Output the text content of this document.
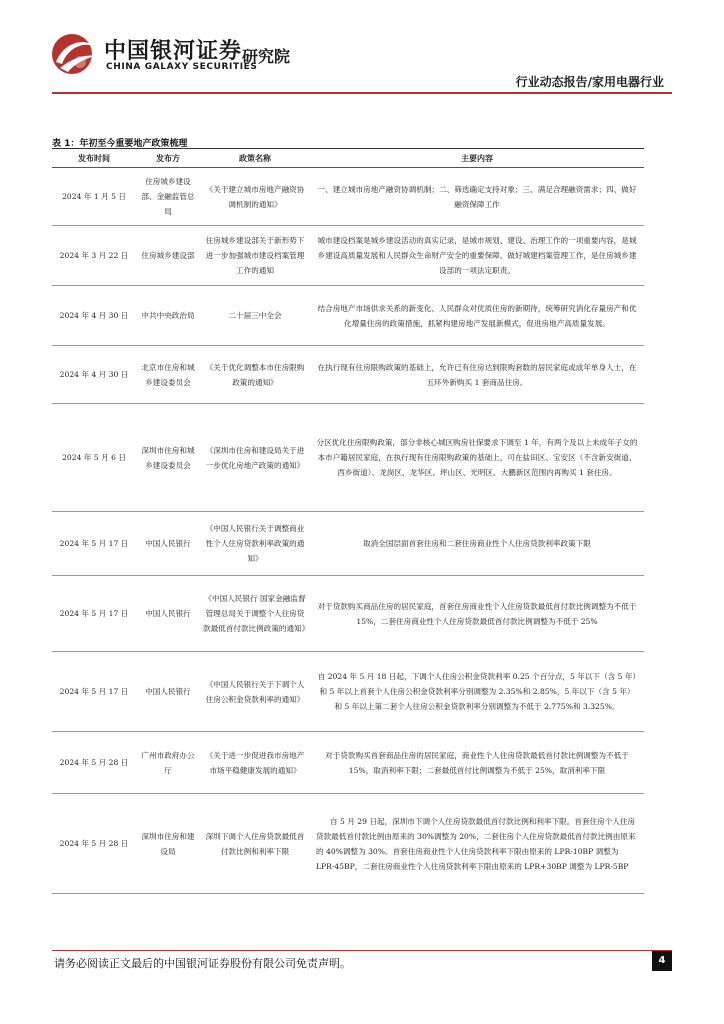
中国银河证券
CHINA GALAXY SECURITIES
研究院
行业动态报告/家用电器行业
表 1：年初至今重要地产政策梳理
发布时间	发布方	政策名称	主要内容
2024 年 1 月 5 日	住房城乡建设部、金融监管总局	《关于建立城市房地产融资协调机制的通知》	一、建立城市房地产融资协调机制；二、筛选确定支持对象；三、满足合理融资需求；四、做好融资保障工作
2024 年 3 月 22 日	住房城乡建设部	住房城乡建设部关于新形势下进一步加强城市建设档案管理工作的通知	城市建设档案是城乡建设活动的真实记录，是城市规划、建设、治理工作的一项重要内容，是城乡建设高质量发展和人民群众生命财产安全的重要保障。做好城建档案管理工作，是住房城乡建设部的一项法定职责。
2024 年 4 月 30 日	中共中央政治局	二十届三中全会	结合房地产市场供求关系的新变化、人民群众对优质住房的新期待，统筹研究消化存量房产和优化增量住房的政策措施，抓紧构建房地产发展新模式，促进房地产高质量发展。
2024 年 4 月 30 日	北京市住房和城乡建设委员会	《关于优化调整本市住房限购政策的通知》	在执行现有住房限购政策的基础上，允许已有住房达到限购套数的居民家庭或成年单身人士，在五环外新购买 1 套商品住房。
2024 年 5 月 6 日	深圳市住房和城乡建设委员会	《深圳市住房和建设局关于进一步优化房地产政策的通知》	分区优化住房限购政策，部分非核心城区购房社保要求下调至 1 年，有两个及以上未成年子女的本市户籍居民家庭，在执行现有住房限购政策的基础上，可在盐田区、宝安区（不含新安街道、西乡街道）、龙岗区、龙华区、坪山区、光明区、大鹏新区范围内再购买 1 套住房。
2024 年 5 月 17 日	中国人民银行	《中国人民银行关于调整商业性个人住房贷款利率政策的通知》	取消全国层面首套住房和二套住房商业性个人住房贷款利率政策下限
2024 年 5 月 17 日	中国人民银行	《中国人民银行 国家金融监督管理总局关于调整个人住房贷款最低首付款比例政策的通知》	对于贷款购买商品住房的居民家庭，首套住房商业性个人住房贷款最低首付款比例调整为不低于 15%，二套住房商业性个人住房贷款最低首付款比例调整为不低于 25%
2024 年 5 月 17 日	中国人民银行	《中国人民银行关于下调个人住房公积金贷款利率的通知》	自 2024 年 5 月 18 日起，下调个人住房公积金贷款利率 0.25 个百分点，5 年以下（含 5 年）和 5 年以上首套个人住房公积金贷款利率分别调整为 2.35%和 2.85%，5 年以下（含 5 年）和 5 年以上第二套个人住房公积金贷款利率分别调整为不低于 2.775%和 3.325%。
2024 年 5 月 28 日	广州市政府办公厅	《关于进一步促进我市房地产市场平稳健康发展的通知》	对于贷款购买首套商品住房的居民家庭，商业性个人住房贷款最低首付款比例调整为不低于 15%，取消利率下限；二套最低首付比例调整为不低于 25%，取消利率下限
2024 年 5 月 28 日	深圳市住房和建设局	深圳下调个人住房贷款最低首付款比例和利率下限	自 5 月 29 日起，深圳市下调个人住房贷款最低首付款比例和利率下限。首套住房个人住房贷款最低首付款比例由原来的 30%调整为 20%，二套住房个人住房贷款最低首付款比例由原来的 40%调整为 30%。首套住房商业性个人住房贷款利率下限由原来的 LPR-10BP 调整为 LPR-45BP，二套住房商业性个人住房贷款利率下限由原来的 LPR+30BP 调整为 LPR-5BP
请务必阅读正文最后的中国银河证券股份有限公司免责声明。	4
